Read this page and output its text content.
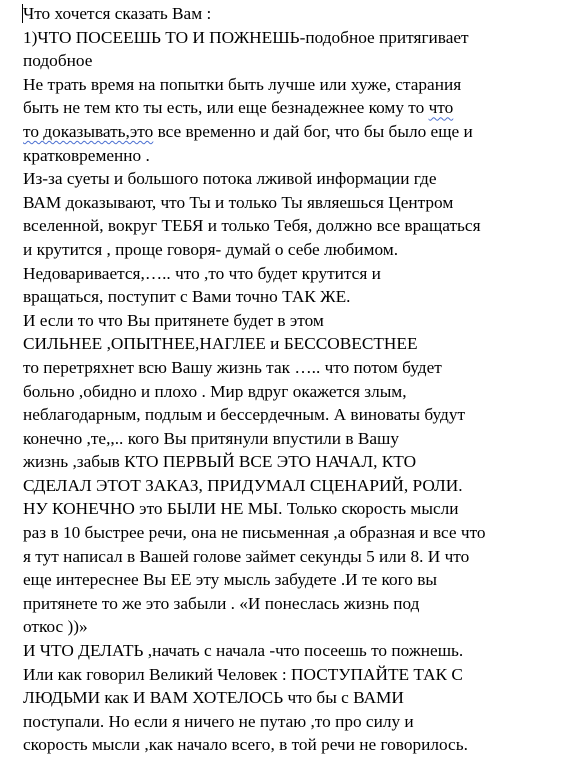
Что хочется сказать Вам :
1)ЧТО ПОСЕЕШЬ ТО И ПОЖНЕШЬ-подобное притягивает
подобное
Не трать время на попытки быть лучше или хуже, старания
быть не тем кто ты есть, или еще безнадежнее кому то что
то доказывать,это все временно и дай бог, что бы было еще и
кратковременно .
Из-за суеты и большого потока лживой информации где
ВАМ доказывают, что Ты и только Ты являешься Центром
вселенной, вокруг ТЕБЯ и только Тебя, должно все вращаться
и крутится , проще говоря- думай о себе любимом.
Недоваривается,….. что ,то что будет крутится и
вращаться, поступит с Вами точно ТАК ЖЕ.
И если то что Вы притянете будет в этом
СИЛЬНЕЕ ,ОПЫТНЕЕ,НАГЛЕЕ и БЕССОВЕСТНЕЕ
то перетряхнет всю Вашу жизнь так ….. что потом будет
больно ,обидно и плохо . Мир вдруг окажется злым,
неблагодарным, подлым и бессердечным. А виноваты будут
конечно ,те,,.. кого Вы притянули впустили в Вашу
жизнь ,забыв КТО ПЕРВЫЙ ВСЕ ЭТО НАЧАЛ, КТО
СДЕЛАЛ ЭТОТ ЗАКАЗ, ПРИДУМАЛ СЦЕНАРИЙ, РОЛИ.
НУ КОНЕЧНО это БЫЛИ НЕ МЫ. Только скорость мысли
раз в 10 быстрее речи, она не письменная ,а образная и все что
я тут написал в Вашей голове займет секунды 5 или 8. И что
еще интереснее Вы ЕЕ эту мысль забудете .И те кого вы
притянете то же это забыли . «И понеслась жизнь под
откос ))»
И ЧТО ДЕЛАТЬ ,начать с начала -что посеешь то пожнешь.
Или как говорил Великий Человек : ПОСТУПАЙТЕ ТАК С
ЛЮДЬМИ как И ВАМ ХОТЕЛОСЬ что бы с ВАМИ
поступали. Но если я ничего не путаю ,то про силу и
скорость мысли ,как начало всего, в той речи не говорилось.
